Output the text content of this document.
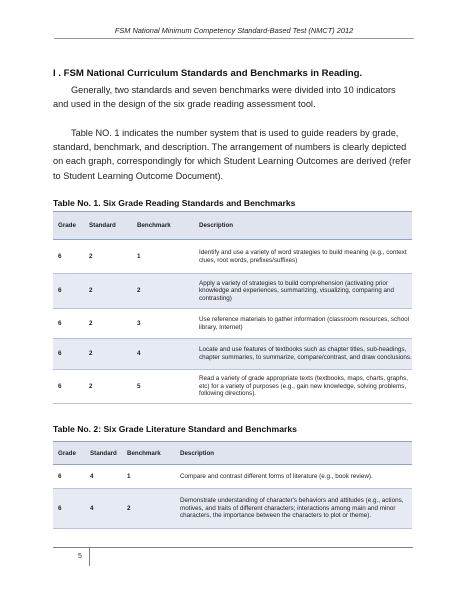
FSM National Minimum Competency Standard-Based Test (NMCT) 2012
I . FSM National Curriculum Standards and Benchmarks in Reading.

Generally, two standards and seven benchmarks were divided into 10 indicators and used in the design of the six grade reading assessment tool.

Table NO. 1 indicates the number system that is used to guide readers by grade, standard, benchmark, and description. The arrangement of numbers is clearly depicted on each graph, correspondingly for which Student Learning Outcomes are derived (refer to Student Learning Outcome Document).

Table No. 1. Six Grade Reading Standards and Benchmarks
Grade	Standard	Benchmark	Description
6	2	1	Identify and use a variety of word strategies to build meaning (e.g., context clues, root words, prefixes/suffixes)
6	2	2	Apply a variety of strategies to build comprehension (activating prior knowledge and experiences, summarizing, visualizing, comparing and contrasting)
6	2	3	Use reference materials to gather information (classroom resources, school library, Internet)
6	2	4	Locate and use features of textbooks such as chapter titles, sub-headings, chapter summaries, to summarize, compare/contrast, and draw conclusions.
6	2	5	Read a variety of grade appropriate texts (textbooks, maps, charts, graphs, etc) for a variety of purposes (e.g., gain new knowledge, solving problems, following directions).
Table No. 2: Six Grade Literature Standard and Benchmarks
Grade	Standard	Benchmark	Description
6	4	1	Compare and contrast different forms of literature (e.g., book review).
6	4	2	Demonstrate understanding of character's behaviors and attitudes (e.g., actions, motives, and traits of different characters; interactions among main and minor characters, the importance between the characters to plot or theme).
5
